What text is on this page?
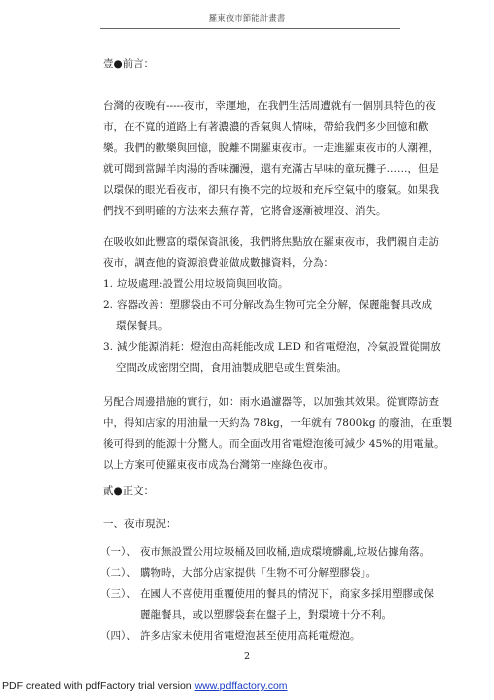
羅東夜市節能計畫書
壹●前言：
台灣的夜晚有-----夜市，幸運地，在我們生活周遭就有一個別具特色的夜
市，在不寬的道路上有著濃濃的香氣與人情味，帶給我們多少回憶和歡
樂。我們的歡樂與回憶，脫離不開羅東夜市。一走進羅東夜市的人潮裡，
就可聞到當歸羊肉湯的香味瀰漫，還有充滿古早味的童玩攤子……，但是
以環保的眼光看夜市，卻只有換不完的垃圾和充斥空氣中的廢氣。如果我
們找不到明確的方法來去蕪存菁，它將會逐漸被埋沒、消失。
在吸收如此豐富的環保資訊後，我們將焦點放在羅東夜市，我們親自走訪
夜市，調查他的資源浪費並做成數據資料，分為：
1. 垃圾處理:設置公用垃圾筒與回收筒。
2. 容器改善：塑膠袋由不可分解改為生物可完全分解，保麗龍餐具改成
環保餐具。
3. 減少能源消耗：燈泡由高耗能改成 LED 和省電燈泡，冷氣設置從開放
空間改成密閉空間，食用油製成肥皂或生質柴油。
另配合周邊措施的實行，如：雨水過濾器等，以加強其效果。從實際訪查
中，得知店家的用油量一天約為 78kg，一年就有 7800kg 的廢油，在重製
後可得到的能源十分驚人。而全面改用省電燈泡後可減少 45%的用電量。
以上方案可使羅東夜市成為台灣第一座綠色夜市。
貳●正文：
一、夜市現況：
（一）、 夜市無設置公用垃圾桶及回收桶,造成環境髒亂,垃圾佔據角落。
（二）、 購物時，大部分店家提供「生物不可分解塑膠袋」。
（三）、 在國人不喜使用重覆使用的餐具的情況下，商家多採用塑膠或保
麗龍餐具，或以塑膠袋套在盤子上，對環境十分不利。
（四）、 許多店家未使用省電燈泡甚至使用高耗電燈泡。
2
PDF created with pdfFactory trial version www.pdffactory.com
